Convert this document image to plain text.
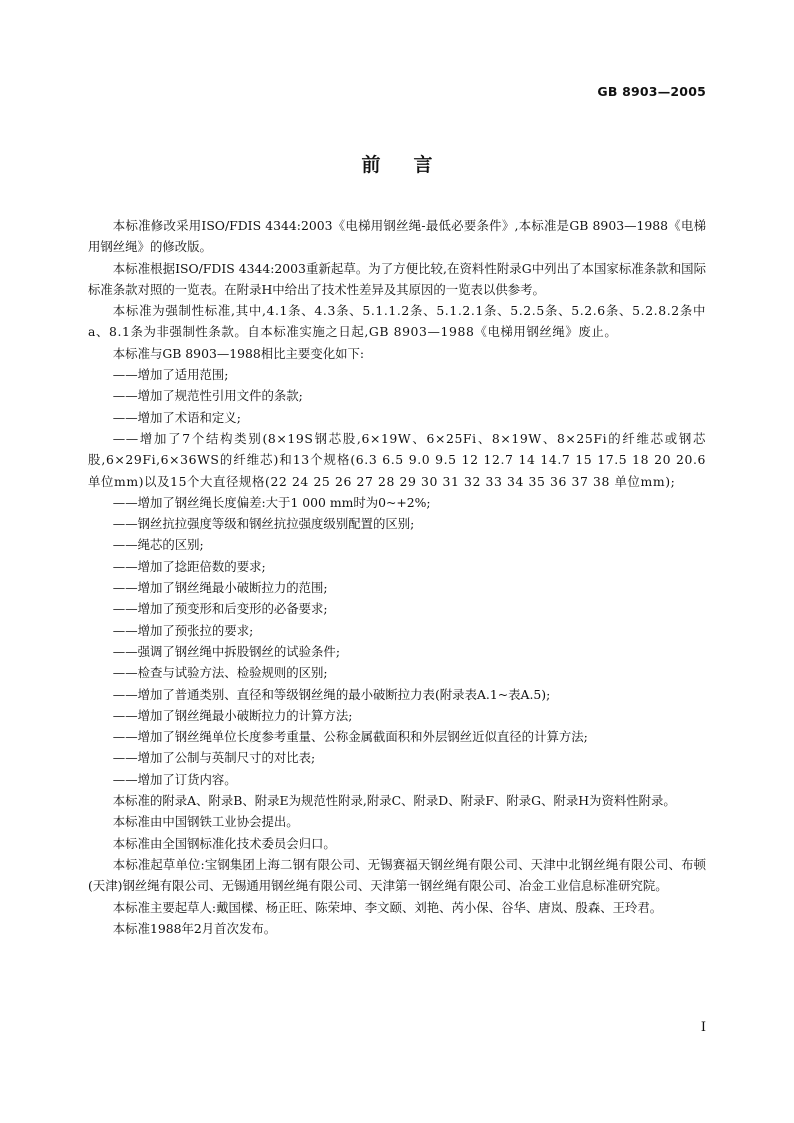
GB 8903—2005
前言

本标准修改采用ISO/FDIS 4344:2003《电梯用钢丝绳-最低必要条件》,本标准是GB 8903—1988《电梯用钢丝绳》的修改版。

本标准根据ISO/FDIS 4344:2003重新起草。为了方便比较,在资料性附录G中列出了本国家标准条款和国际标准条款对照的一览表。在附录H中给出了技术性差异及其原因的一览表以供参考。

本标准为强制性标准,其中,4.1条、4.3条、5.1.1.2条、5.1.2.1条、5.2.5条、5.2.6条、5.2.8.2条中a、8.1条为非强制性条款。自本标准实施之日起,GB 8903—1988《电梯用钢丝绳》废止。

本标准与GB 8903—1988相比主要变化如下:

——增加了适用范围;

——增加了规范性引用文件的条款;

——增加了术语和定义;

——增加了7个结构类别(8×19S钢芯股,6×19W、6×25Fi、8×19W、8×25Fi的纤维芯或钢芯股,6×29Fi,6×36WS的纤维芯)和13个规格(6.3 6.5 9.0 9.5 12 12.7 14 14.7 15 17.5 18 20 20.6 单位mm)以及15个大直径规格(22 24 25 26 27 28 29 30 31 32 33 34 35 36 37 38 单位mm);

——增加了钢丝绳长度偏差:大于1 000 mm时为0~+2%;

——钢丝抗拉强度等级和钢丝抗拉强度级别配置的区别;

——绳芯的区别;

——增加了捻距倍数的要求;

——增加了钢丝绳最小破断拉力的范围;

——增加了预变形和后变形的必备要求;

——增加了预张拉的要求;

——强调了钢丝绳中拆股钢丝的试验条件;

——检查与试验方法、检验规则的区别;

——增加了普通类别、直径和等级钢丝绳的最小破断拉力表(附录表A.1~表A.5);

——增加了钢丝绳最小破断拉力的计算方法;

——增加了钢丝绳单位长度参考重量、公称金属截面积和外层钢丝近似直径的计算方法;

——增加了公制与英制尺寸的对比表;

——增加了订货内容。

本标准的附录A、附录B、附录E为规范性附录,附录C、附录D、附录F、附录G、附录H为资料性附录。

本标准由中国钢铁工业协会提出。

本标准由全国钢标准化技术委员会归口。

本标准起草单位:宝钢集团上海二钢有限公司、无锡赛福天钢丝绳有限公司、天津中北钢丝绳有限公司、布顿(天津)钢丝绳有限公司、无锡通用钢丝绳有限公司、天津第一钢丝绳有限公司、冶金工业信息标准研究院。

本标准主要起草人:戴国樑、杨正旺、陈荣坤、李文颐、刘艳、芮小保、谷华、唐岚、殷森、王玲君。

本标准1988年2月首次发布。

I
